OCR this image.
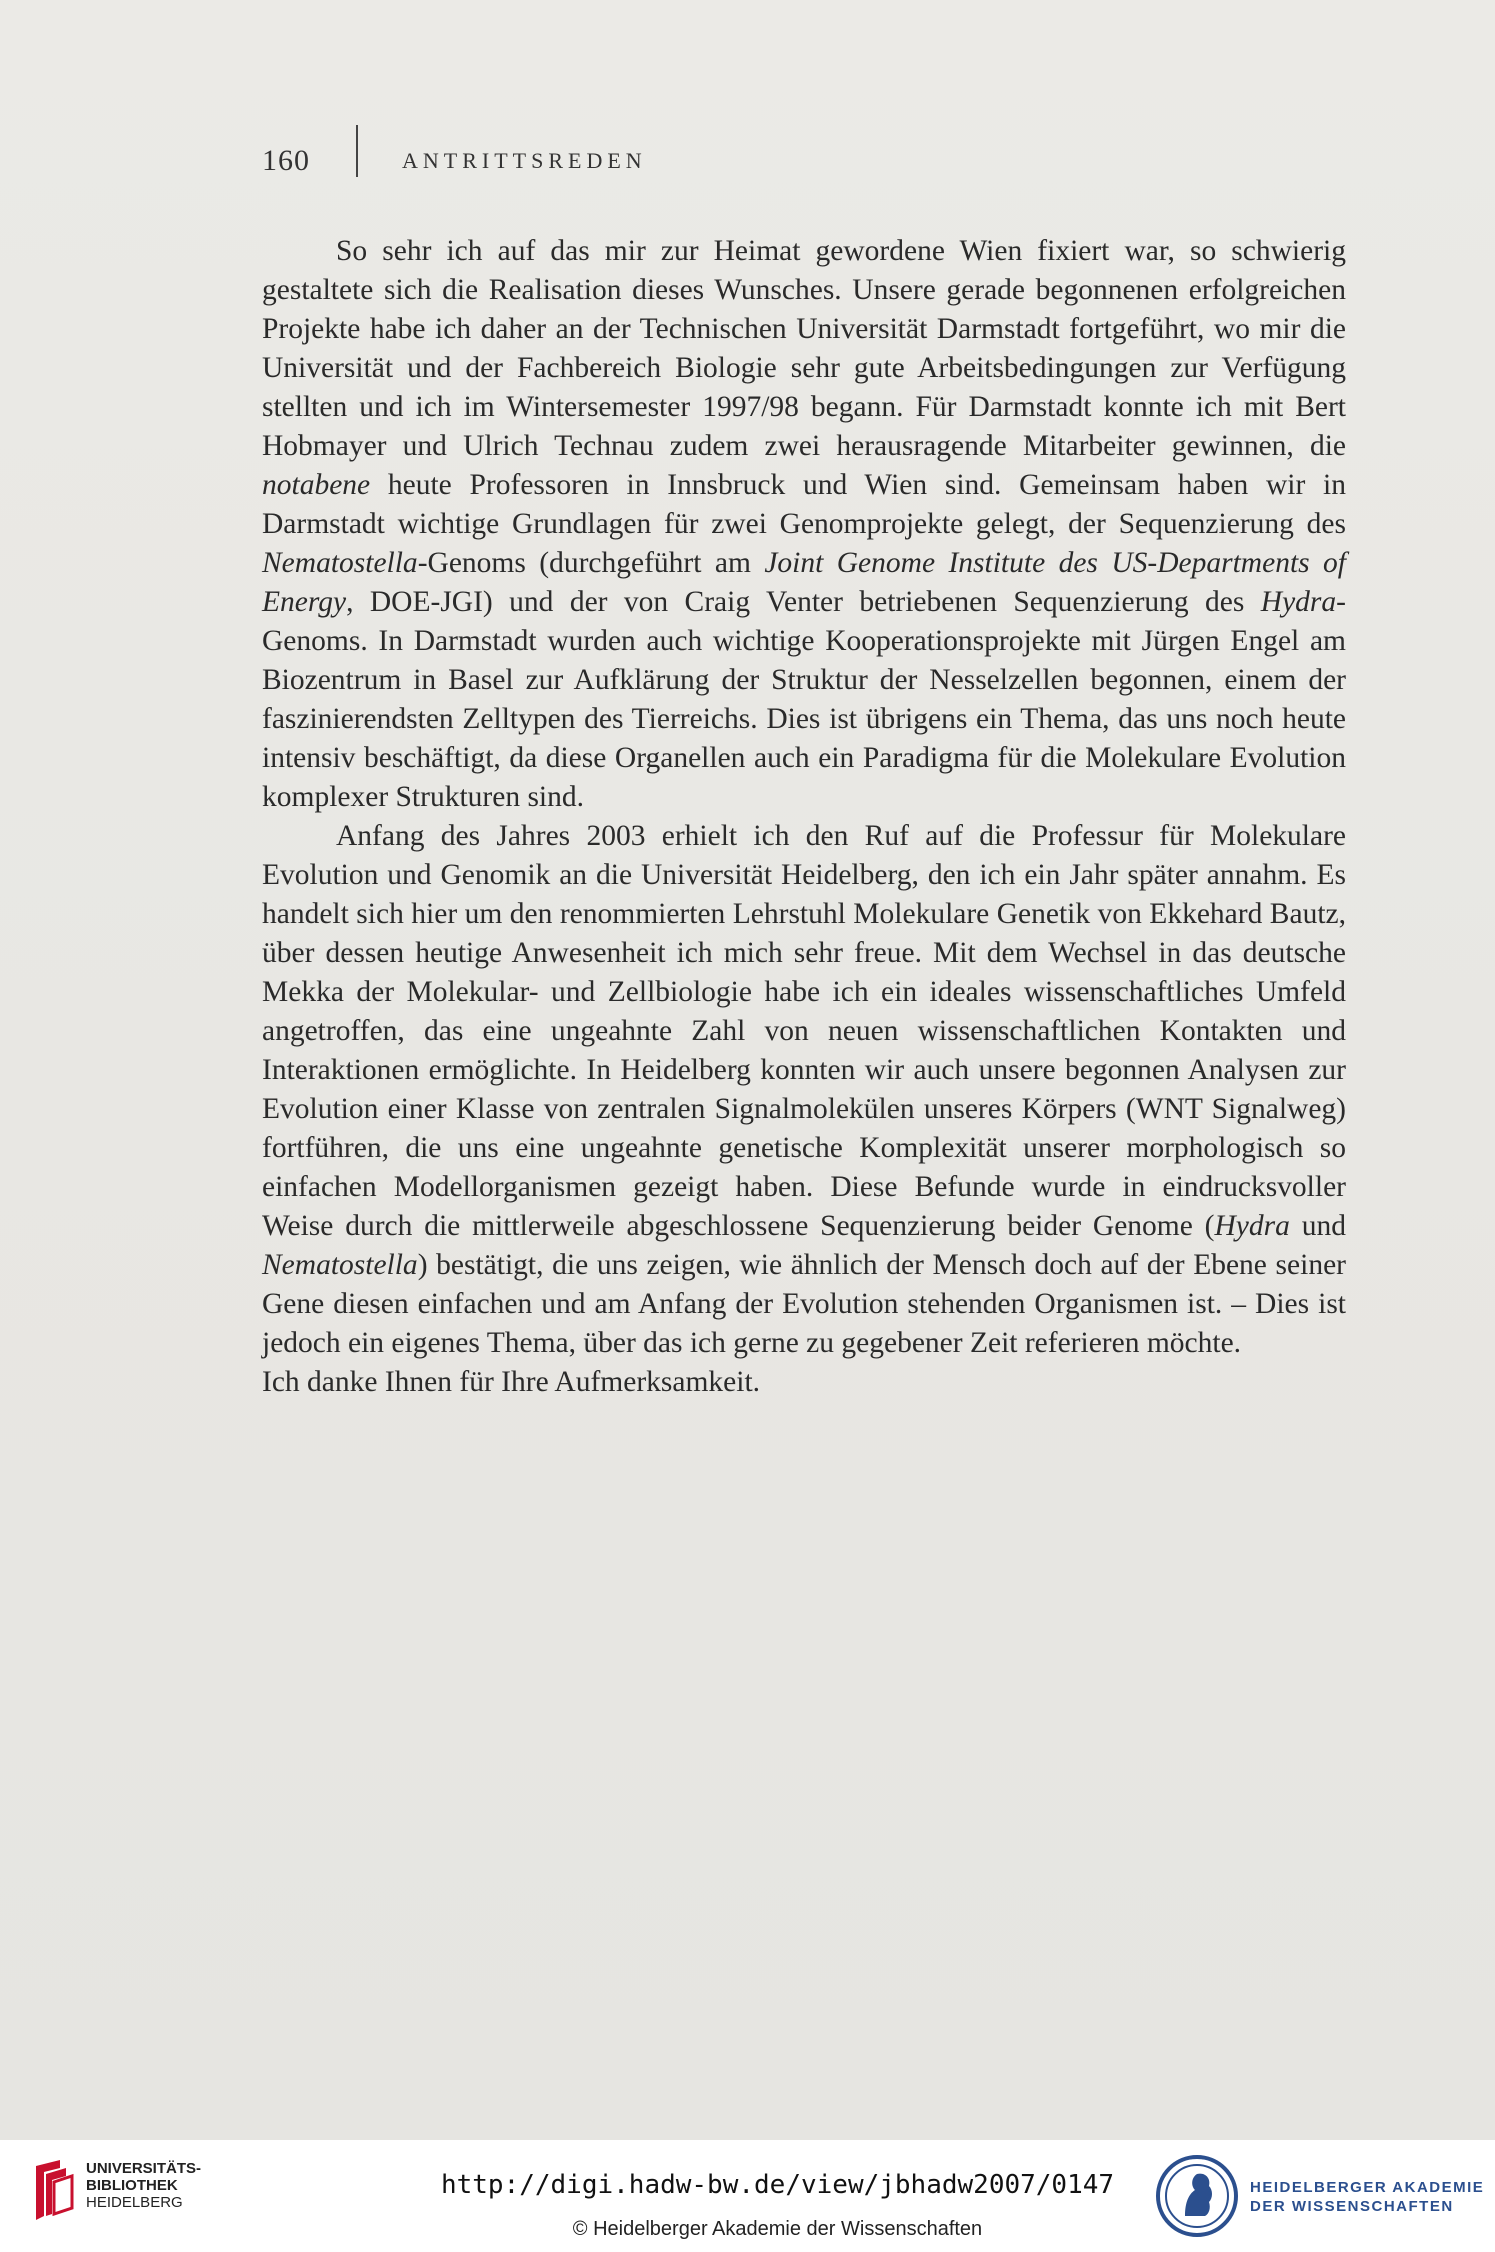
160	ANTRITTSREDEN

So sehr ich auf das mir zur Heimat gewordene Wien fixiert war, so schwierig gestaltete sich die Realisation dieses Wunsches. Unsere gerade begonnenen erfolgreichen Projekte habe ich daher an der Technischen Universität Darmstadt fortgeführt, wo mir die Universität und der Fachbereich Biologie sehr gute Arbeitsbedingungen zur Verfügung stellten und ich im Wintersemester 1997/98 begann. Für Darmstadt konnte ich mit Bert Hobmayer und Ulrich Technau zudem zwei herausragende Mitarbeiter gewinnen, die notabene heute Professoren in Innsbruck und Wien sind. Gemeinsam haben wir in Darmstadt wichtige Grundlagen für zwei Genomprojekte gelegt, der Sequenzierung des Nematostella-Genoms (durchgeführt am Joint Genome Institute des US-Departments of Energy, DOE-JGI) und der von Craig Venter betriebenen Sequenzierung des Hydra-Genoms. In Darmstadt wurden auch wichtige Kooperationsprojekte mit Jürgen Engel am Biozentrum in Basel zur Aufklärung der Struktur der Nesselzellen begonnen, einem der faszinierendsten Zelltypen des Tierreichs. Dies ist übrigens ein Thema, das uns noch heute intensiv beschäftigt, da diese Organellen auch ein Paradigma für die Molekulare Evolution komplexer Strukturen sind.

Anfang des Jahres 2003 erhielt ich den Ruf auf die Professur für Molekulare Evolution und Genomik an die Universität Heidelberg, den ich ein Jahr später annahm. Es handelt sich hier um den renommierten Lehrstuhl Molekulare Genetik von Ekkehard Bautz, über dessen heutige Anwesenheit ich mich sehr freue. Mit dem Wechsel in das deutsche Mekka der Molekular- und Zellbiologie habe ich ein ideales wissenschaftliches Umfeld angetroffen, das eine ungeahnte Zahl von neuen wissenschaftlichen Kontakten und Interaktionen ermöglichte. In Heidelberg konnten wir auch unsere begonnen Analysen zur Evolution einer Klasse von zentralen Signalmolekülen unseres Körpers (WNT Signalweg) fortführen, die uns eine ungeahnte genetische Komplexität unserer morphologisch so einfachen Modellorganismen gezeigt haben. Diese Befunde wurde in eindrucksvoller Weise durch die mittlerweile abgeschlossene Sequenzierung beider Genome (Hydra und Nematostella) bestätigt, die uns zeigen, wie ähnlich der Mensch doch auf der Ebene seiner Gene diesen einfachen und am Anfang der Evolution stehenden Organismen ist. – Dies ist jedoch ein eigenes Thema, über das ich gerne zu gegebener Zeit referieren möchte.

Ich danke Ihnen für Ihre Aufmerksamkeit.

UNIVERSITÄTS-
BIBLIOTHEK
HEIDELBERG
http://digi.hadw-bw.de/view/jbhadw2007/0147
© Heidelberger Akademie der Wissenschaften
HEIDELBERGER AKADEMIE
DER WISSENSCHAFTEN
